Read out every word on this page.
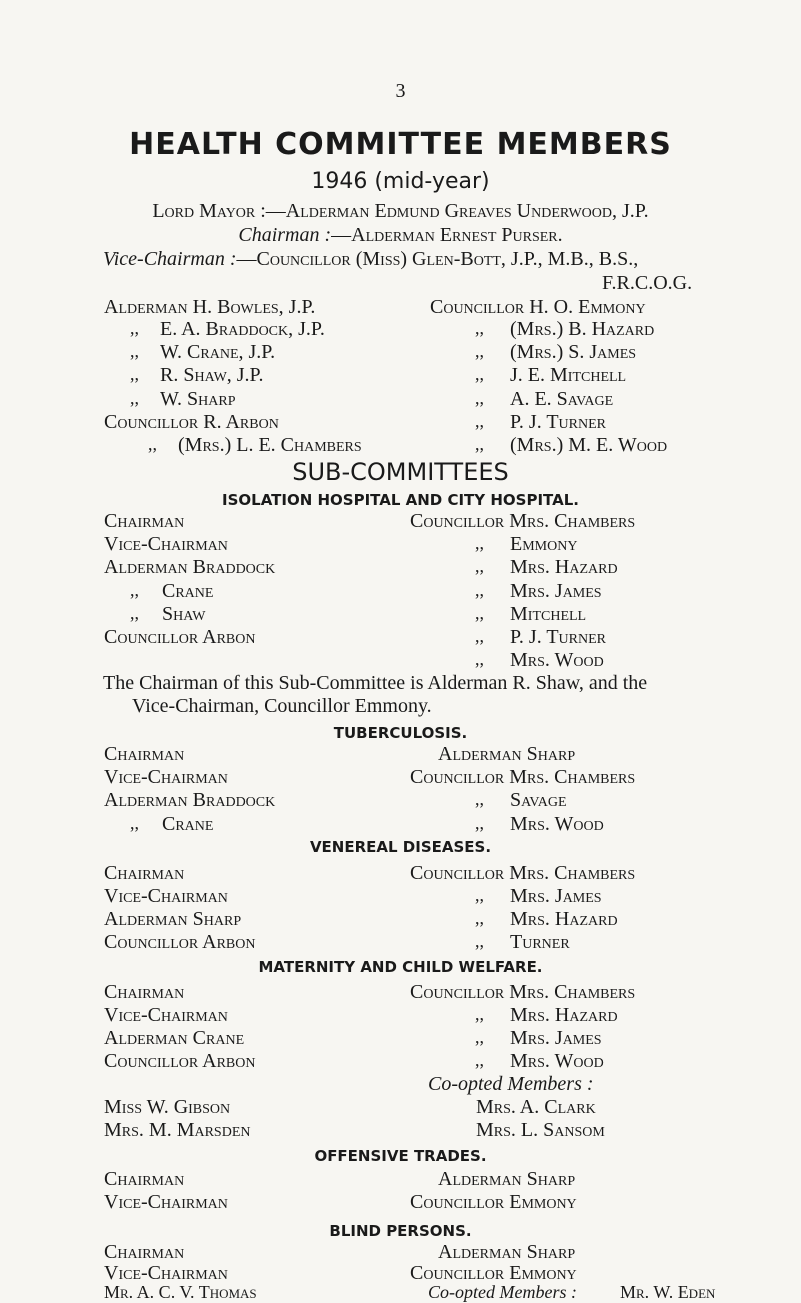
3
HEALTH COMMITTEE MEMBERS
1946 (mid-year)
Lord Mayor :—Alderman Edmund Greaves Underwood, J.P.
Chairman :—Alderman Ernest Purser.
Vice-Chairman :—Councillor (Miss) Glen-Bott, J.P., M.B., B.S.,
F.R.C.O.G.
Alderman H. Bowles, J.P.
,, E. A. Braddock, J.P.
,, W. Crane, J.P.
,, R. Shaw, J.P.
,, W. Sharp
Councillor R. Arbon
,, (Mrs.) L. E. Chambers
Councillor H. O. Emmony
,, (Mrs.) B. Hazard
,, (Mrs.) S. James
,, J. E. Mitchell
,, A. E. Savage
,, P. J. Turner
,, (Mrs.) M. E. Wood
SUB-COMMITTEES
ISOLATION HOSPITAL AND CITY HOSPITAL.
Chairman
Vice-Chairman
Alderman Braddock
,, Crane
,, Shaw
Councillor Arbon
Councillor Mrs. Chambers
,, Emmony
,, Mrs. Hazard
,, Mrs. James
,, Mitchell
,, P. J. Turner
,, Mrs. Wood
The Chairman of this Sub-Committee is Alderman R. Shaw, and the
Vice-Chairman, Councillor Emmony.
TUBERCULOSIS.
Chairman
Vice-Chairman
Alderman Braddock
,, Crane
Alderman Sharp
Councillor Mrs. Chambers
,, Savage
,, Mrs. Wood
VENEREAL DISEASES.
Chairman
Vice-Chairman
Alderman Sharp
Councillor Arbon
Councillor Mrs. Chambers
,, Mrs. James
,, Mrs. Hazard
,, Turner
MATERNITY AND CHILD WELFARE.
Chairman
Vice-Chairman
Alderman Crane
Councillor Arbon
Councillor Mrs. Chambers
,, Mrs. Hazard
,, Mrs. James
,, Mrs. Wood
Co-opted Members :
Miss W. Gibson
Mrs. M. Marsden
Mrs. A. Clark
Mrs. L. Sansom
OFFENSIVE TRADES.
Chairman
Vice-Chairman
Alderman Sharp
Councillor Emmony
BLIND PERSONS.
Chairman
Vice-Chairman
Alderman Sharp
Councillor Emmony
Co-opted Members :
Mr. A. C. V. Thomas	Mr. W. Eden
